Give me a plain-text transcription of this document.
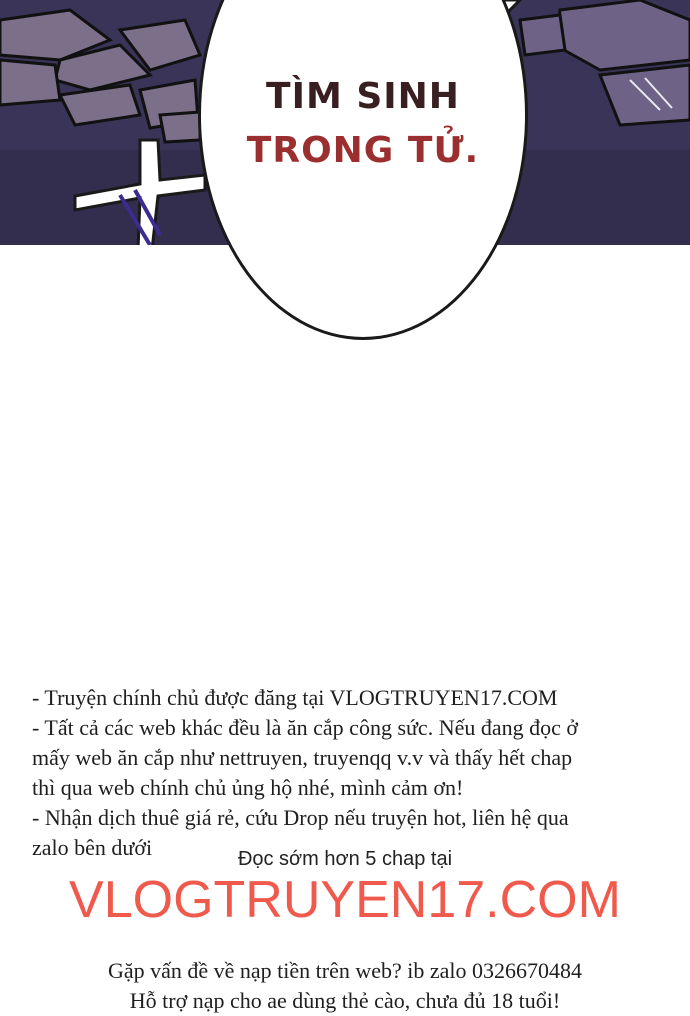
TÌM SINH
TRONG TỬ.
- Truyện chính chủ được đăng tại VLOGTRUYEN17.COM
- Tất cả các web khác đều là ăn cắp công sức. Nếu đang đọc ở
mấy web ăn cắp như nettruyen, truyenqq v.v và thấy hết chap
thì qua web chính chủ ủng hộ nhé, mình cảm ơn!
- Nhận dịch thuê giá rẻ, cứu Drop nếu truyện hot, liên hệ qua
zalo bên dưới	Đọc sớm hơn 5 chap tại
VLOGTRUYEN17.COM
Gặp vấn đề về nạp tiền trên web? ib zalo 0326670484
Hỗ trợ nạp cho ae dùng thẻ cào, chưa đủ 18 tuổi!
